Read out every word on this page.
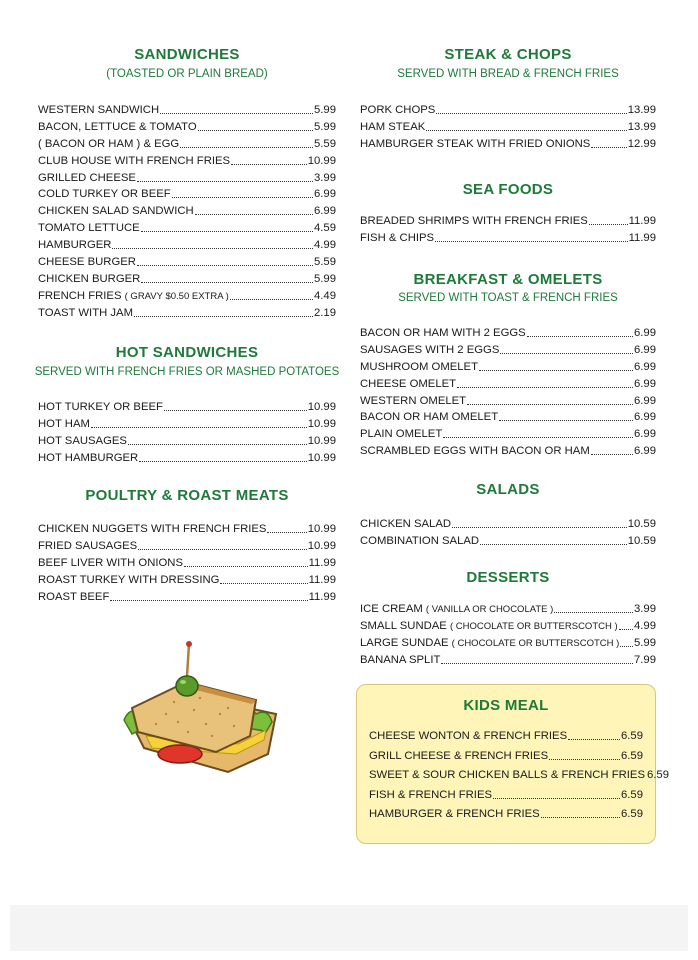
SANDWICHES
(TOASTED OR PLAIN BREAD)
WESTERN SANDWICH	5.99
BACON, LETTUCE & TOMATO	5.99
( BACON OR HAM ) & EGG	5.59
CLUB HOUSE WITH FRENCH FRIES	10.99
GRILLED CHEESE	3.99
COLD TURKEY OR BEEF	6.99
CHICKEN SALAD SANDWICH	6.99
TOMATO LETTUCE	4.59
HAMBURGER	4.99
CHEESE BURGER	5.59
CHICKEN BURGER	5.99
FRENCH FRIES ( GRAVY $0.50 EXTRA )	4.49
TOAST WITH JAM	2.19
HOT SANDWICHES
SERVED WITH FRENCH FRIES OR MASHED POTATOES
HOT TURKEY OR BEEF	10.99
HOT HAM	10.99
HOT SAUSAGES	10.99
HOT HAMBURGER	10.99
POULTRY & ROAST MEATS
CHICKEN NUGGETS WITH FRENCH FRIES	10.99
FRIED SAUSAGES	10.99
BEEF LIVER WITH ONIONS	11.99
ROAST TURKEY WITH DRESSING	11.99
ROAST BEEF	11.99
STEAK & CHOPS
SERVED WITH BREAD & FRENCH FRIES
PORK CHOPS	13.99
HAM STEAK	13.99
HAMBURGER STEAK WITH FRIED ONIONS	12.99
SEA FOODS
BREADED SHRIMPS WITH FRENCH FRIES	11.99
FISH & CHIPS	11.99
BREAKFAST & OMELETS
SERVED WITH TOAST & FRENCH FRIES
BACON OR HAM WITH 2 EGGS	6.99
SAUSAGES WITH 2 EGGS	6.99
MUSHROOM OMELET	6.99
CHEESE OMELET	6.99
WESTERN OMELET	6.99
BACON OR HAM OMELET	6.99
PLAIN OMELET	6.99
SCRAMBLED EGGS WITH BACON OR HAM	6.99
SALADS
CHICKEN SALAD	10.59
COMBINATION SALAD	10.59
DESSERTS
ICE CREAM ( VANILLA OR CHOCOLATE )	3.99
SMALL SUNDAE ( CHOCOLATE OR BUTTERSCOTCH ) 4.99
LARGE SUNDAE ( CHOCOLATE OR BUTTERSCOTCH ) 5.99
BANANA SPLIT	7.99
KIDS MEAL
CHEESE WONTON & FRENCH FRIES	6.59
GRILL CHEESE & FRENCH FRIES	6.59
SWEET & SOUR CHICKEN BALLS & FRENCH FRIES 6.59
FISH & FRENCH FRIES	6.59
HAMBURGER & FRENCH FRIES	6.59
